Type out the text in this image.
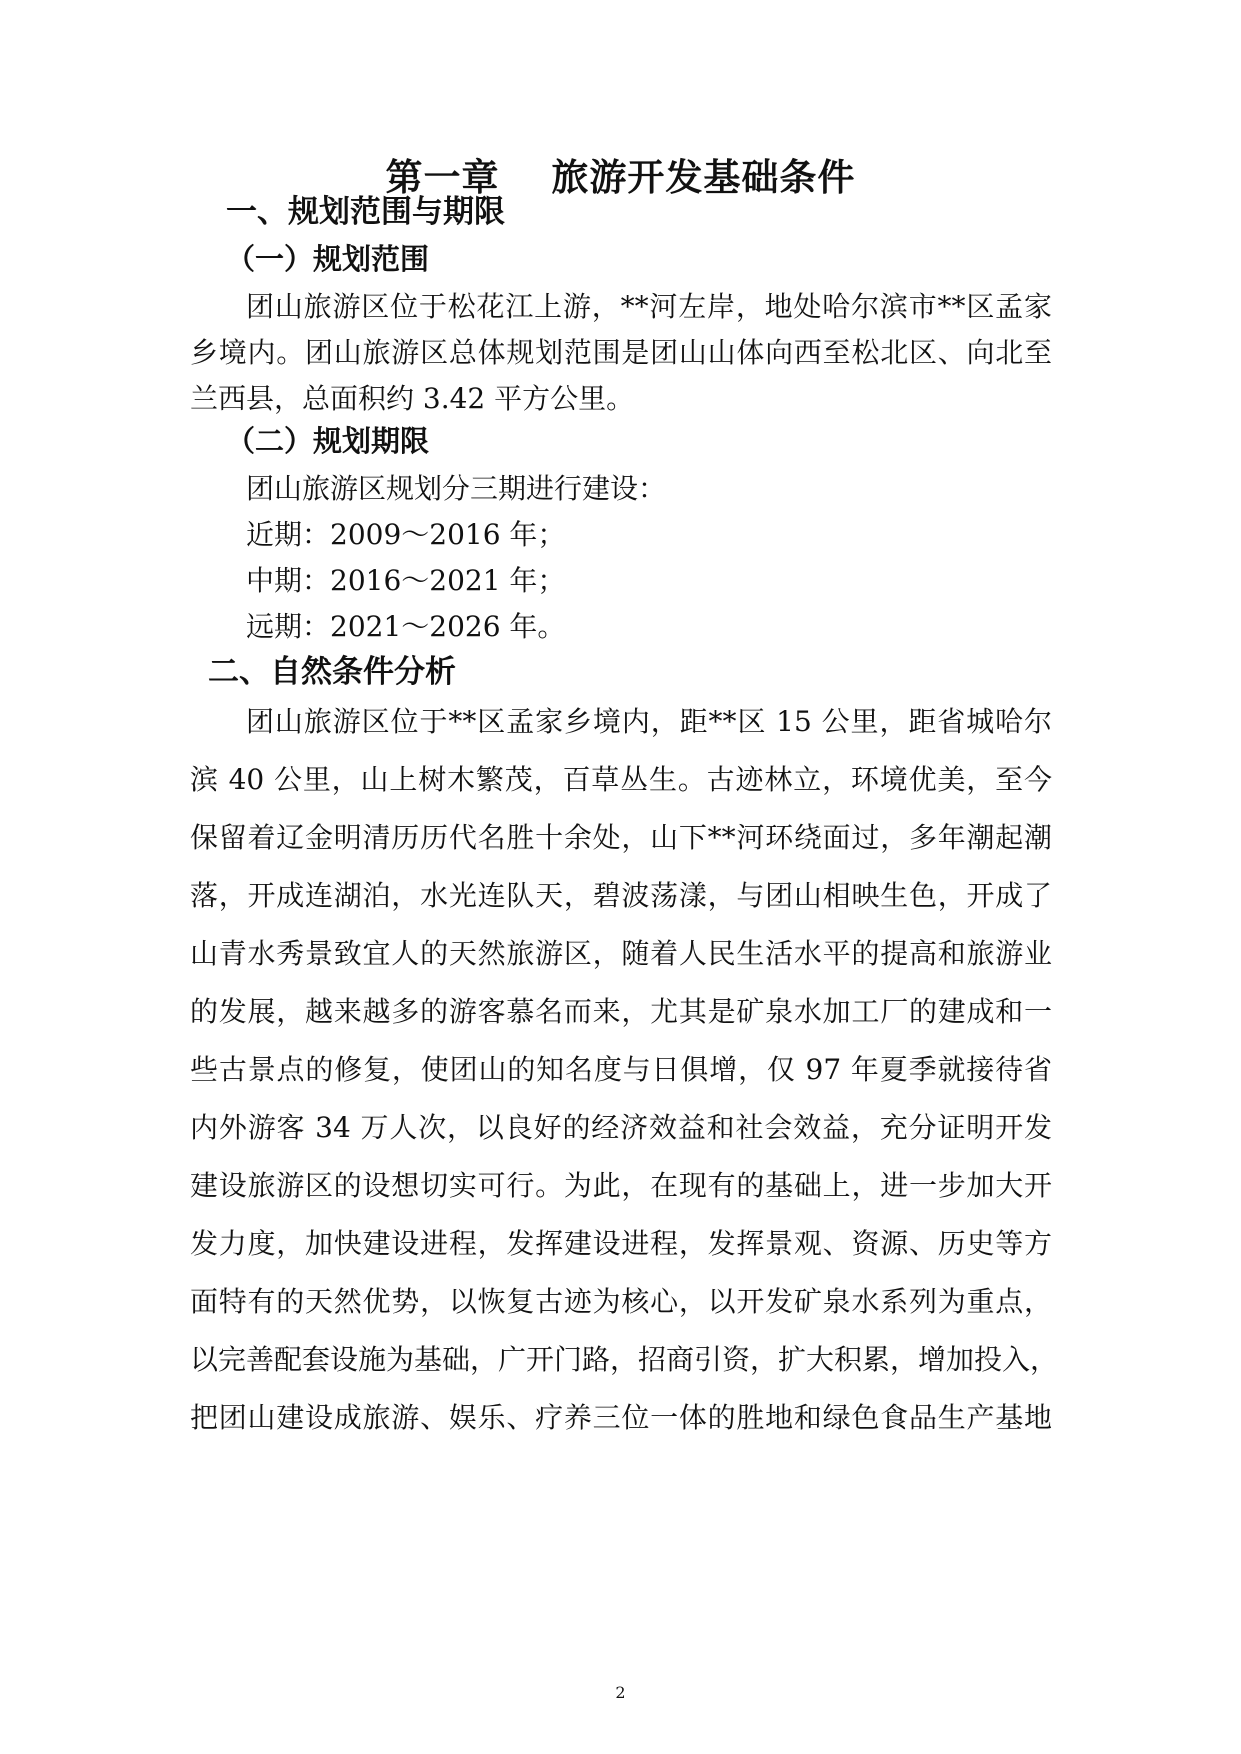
第一章　 旅游开发基础条件
一、规划范围与期限
（一）规划范围
团山旅游区位于松花江上游，**河左岸，地处哈尔滨市**区孟家
乡境内。团山旅游区总体规划范围是团山山体向西至松北区、向北至
兰西县，总面积约 3.42 平方公里。
（二）规划期限
团山旅游区规划分三期进行建设：
近期：2009～2016 年；
中期：2016～2021 年；
远期：2021～2026 年。
二、自然条件分析
团山旅游区位于**区孟家乡境内，距**区 15 公里，距省城哈尔
滨 40 公里，山上树木繁茂，百草丛生。古迹林立，环境优美，至今
保留着辽金明清历历代名胜十余处，山下**河环绕面过，多年潮起潮
落，开成连湖泊，水光连队天，碧波荡漾，与团山相映生色，开成了
山青水秀景致宜人的天然旅游区，随着人民生活水平的提高和旅游业
的发展，越来越多的游客慕名而来，尤其是矿泉水加工厂的建成和一
些古景点的修复，使团山的知名度与日俱增，仅 97 年夏季就接待省
内外游客 34 万人次，以良好的经济效益和社会效益，充分证明开发
建设旅游区的设想切实可行。为此，在现有的基础上，进一步加大开
发力度，加快建设进程，发挥建设进程，发挥景观、资源、历史等方
面特有的天然优势，以恢复古迹为核心，以开发矿泉水系列为重点，
以完善配套设施为基础，广开门路，招商引资，扩大积累，增加投入，
把团山建设成旅游、娱乐、疗养三位一体的胜地和绿色食品生产基地
2
